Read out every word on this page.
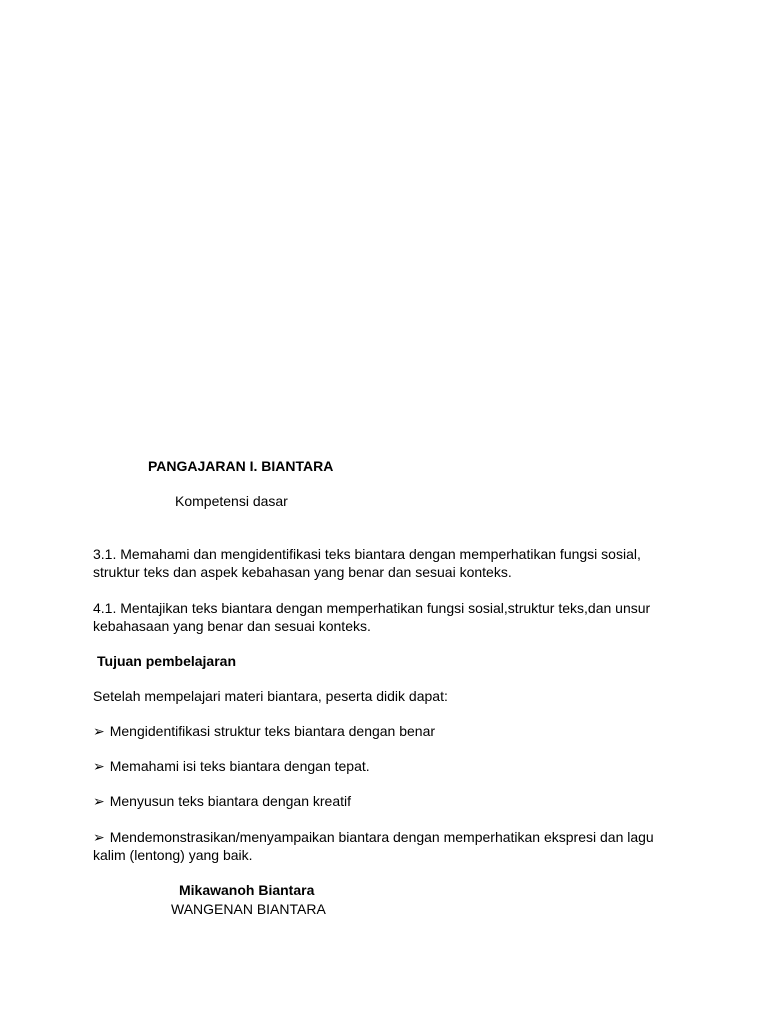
PANGAJARAN I. BIANTARA

Kompetensi dasar

3.1. Memahami dan mengidentifikasi teks biantara dengan memperhatikan fungsi sosial, struktur teks dan aspek kebahasan yang benar dan sesuai konteks.

4.1. Mentajikan teks biantara dengan memperhatikan fungsi sosial,struktur teks,dan unsur kebahasaan yang benar dan sesuai konteks.

Tujuan pembelajaran

Setelah mempelajari materi biantara, peserta didik dapat:

➢ Mengidentifikasi struktur teks biantara dengan benar

➢ Memahami isi teks biantara dengan tepat.

➢ Menyusun teks biantara dengan kreatif

➢ Mendemonstrasikan/menyampaikan biantara dengan memperhatikan ekspresi dan lagu kalim (lentong) yang baik.

Mikawanoh Biantara

WANGENAN BIANTARA
